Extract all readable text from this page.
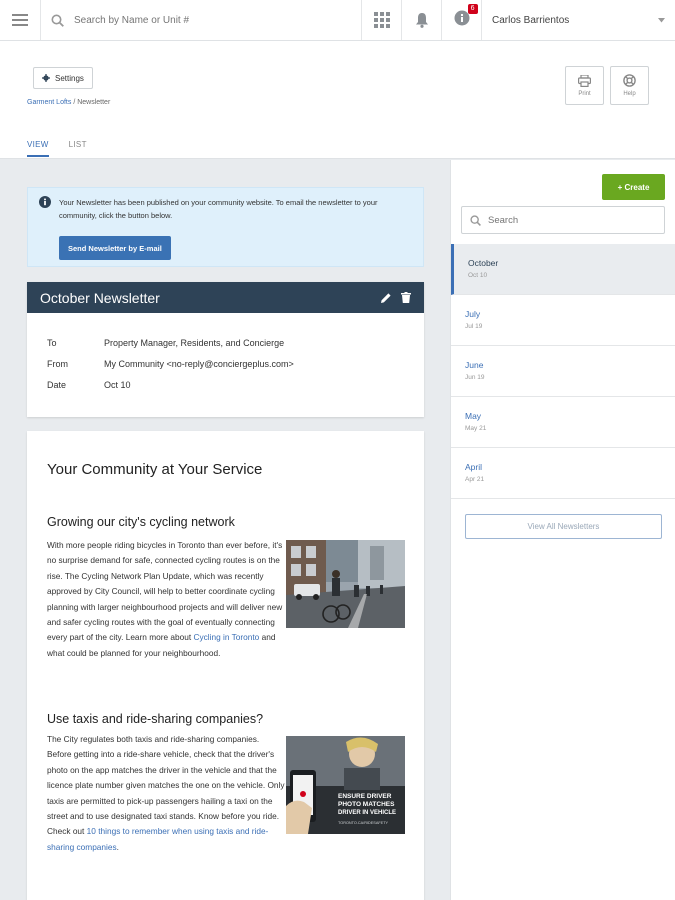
Search by Name or Unit #
6
Carlos Barrientos
Settings
Garment Lofts / Newsletter
Print	Help
VIEW	LIST
Your Newsletter has been published on your community website. To email the newsletter to your community, click the button below.
Send Newsletter by E-mail
October Newsletter
To	Property Manager, Residents, and Concierge
From	My Community <no-reply@conciergeplus.com>
Date	Oct 10
Your Community at Your Service
Growing our city's cycling network
With more people riding bicycles in Toronto than ever before, it's no surprise demand for safe, connected cycling routes is on the rise. The Cycling Network Plan Update, which was recently approved by City Council, will help to better coordinate cycling planning with larger neighbourhood projects and will deliver new and safer cycling routes with the goal of eventually connecting every part of the city. Learn more about Cycling in Toronto and what could be planned for your neighbourhood.
Use taxis and ride-sharing companies?
The City regulates both taxis and ride-sharing companies. Before getting into a ride-share vehicle, check that the driver's photo on the app matches the driver in the vehicle and that the licence plate number given matches the one on the vehicle. Only taxis are permitted to pick-up passengers hailing a taxi on the street and to use designated taxi stands. Know before you ride. Check out 10 things to remember when using taxis and ride-sharing companies.
ENSURE DRIVER
PHOTO MATCHES
DRIVER IN VEHICLE
TORONTO.CA/RIDESAFETY
+ Create
Search
October
Oct 10
July
Jul 19
June
Jun 19
May
May 21
April
Apr 21
View All Newsletters
